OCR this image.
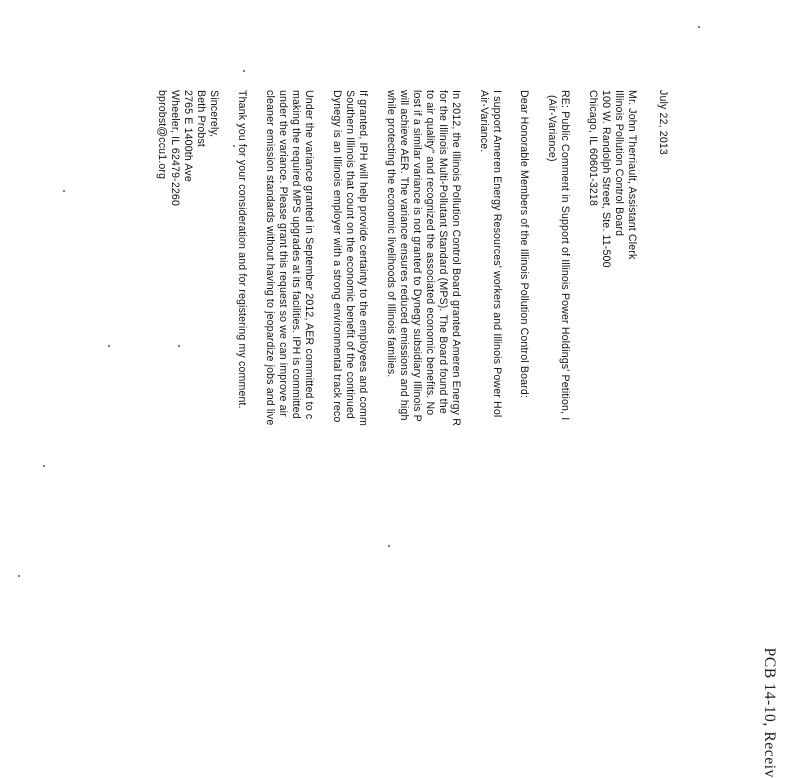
PCB 14-10, Receiv
July 22, 2013
Mr. John Therriault, Assistant Clerk
Illinois Pollution Control Board
100 W. Randolph Street, Ste. 11-500
Chicago, IL 60601-3218
RE: Public Comment in Support of Illinois Power Holdings' Petition, I
(Air-Variance)
Dear Honorable Members of the Illinois Pollution Control Board:
I support Ameren Energy Resources' workers and Illinois Power Hol
Air-Variance.
In 2012, the Illinois Pollution Control Board granted Ameren Energy R
for the Illinois Multi-Pollutant Standard (MPS). The Board found the
to air quality" and recognized the associated economic benefits. No
lost if a similar variance is not granted to Dynegy subsidiary Illinois P
will achieve AER. The variance ensures reduced emissions and high
while protecting the economic livelihoods of Illinois families.
If granted, IPH will help provide certainty to the employees and comm
Southern Illinois that count on the economic benefit of the continued
Dynegy is an Illinois employer with a strong environmental track reco
Under the variance granted in September 2012, AER committed to c
making the required MPS upgrades at its facilities. IPH is committed
under the variance. Please grant this request so we can improve air
cleaner emission standards without having to jeopardize jobs and live
Thank you for your consideration and for registering my comment.
Sincerely,
Beth Probst
2765 E 1400th Ave
Wheeler, IL 62479-2260
bprobst@ccu1.org
